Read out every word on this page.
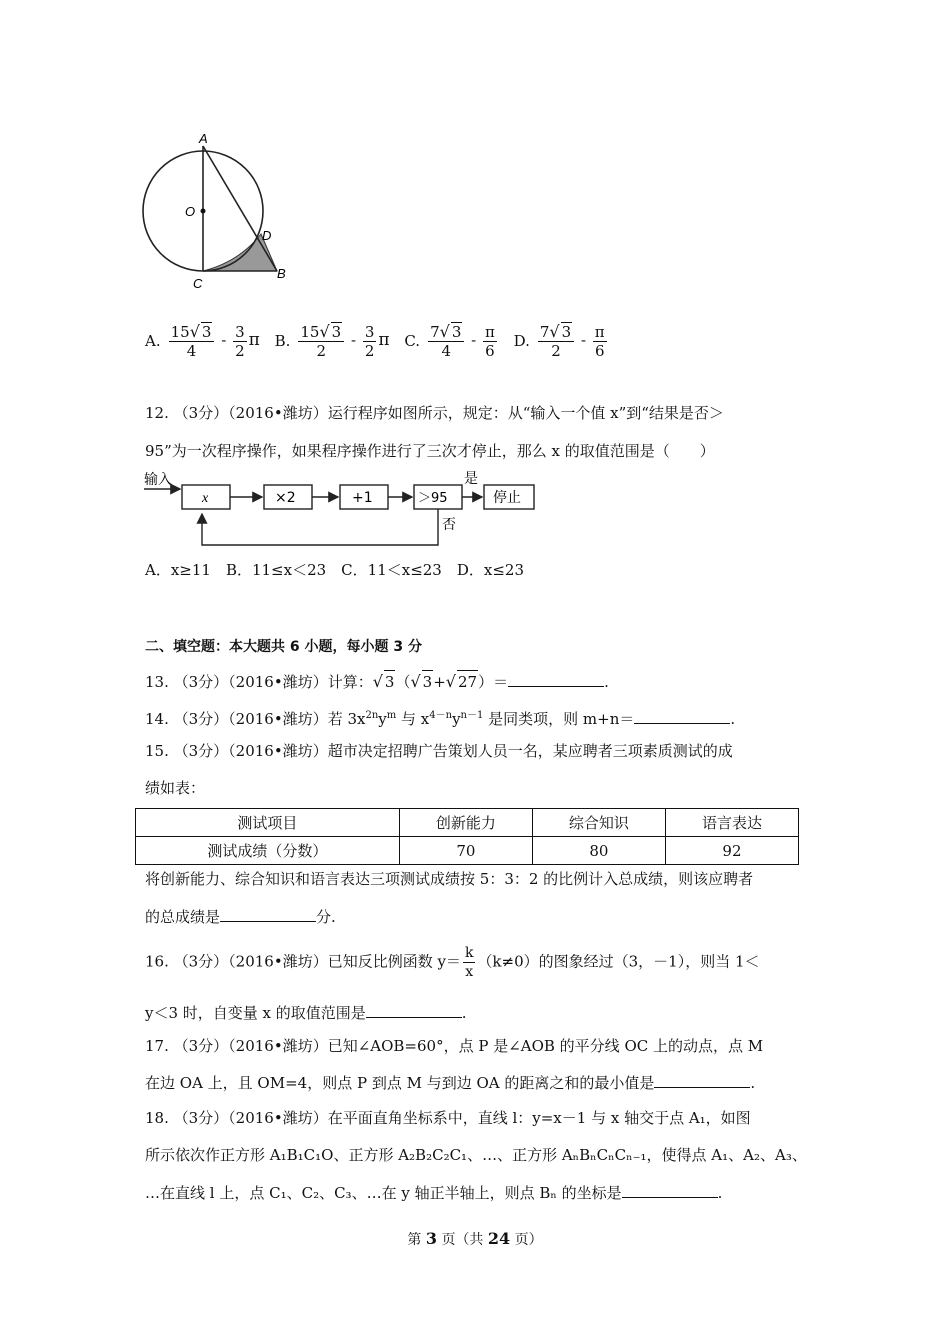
A
O
D
C
B
A. $\frac{15√ 3}{4} - \frac{3}{2}$ π B. $\frac{15√ 3}{2} - \frac{3}{2}$ π C. $\frac{7√ 3}{4} - \frac{\pi}{6} D$. $\frac{7√ 3}{2} - \frac{\pi}{6}$
12. （3分）（2016•潍坊）运行程序如图所示，规定：从“输入一个值 x”到“结果是否＞
95”为一次程序操作，如果程序操作进行了三次才停止，那么 x 的取值范围是（　　）
输入
x	×2	+1	＞95
是
停止
否
A．x≥11　B．11≤x＜23　C．11＜x≤23　D．x≤23
二、填空题：本大题共 6 小题，每小题 3 分
13. （3分）（2016•潍坊）计算：√ 3（√ 3+√ 27）＝	.
14. （3分）（2016•潍坊）若 $3x^{2n}y^m$ 与 $x^{4-n}y^{n-1}$ 是同类项，则 m+n＝	.
15. （3分）（2016•潍坊）超市决定招聘广告策划人员一名，某应聘者三项素质测试的成
绩如表：
测试项目	创新能力	综合知识	语言表达
测试成绩（分数）	70	80	92
将创新能力、综合知识和语言表达三项测试成绩按 5：3：2 的比例计入总成绩，则该应聘者
的总成绩是	分.
16. （3分）（2016•潍坊）已知反比例函数 $y= \frac{k}{x} (k\ne 0)$的图象经过（3，－1），则当 1＜
y＜3 时，自变量 x 的取值范围是	.
17. （3分）（2016•潍坊）已知∠AOB=60°，点 P 是∠AOB 的平分线 OC 上的动点，点 M
在边 OA 上，且 OM=4，则点 P 到点 M 与到边 OA 的距离之和的最小值是	.
18. （3分）（2016•潍坊）在平面直角坐标系中，直线 l：y=x－1 与 x 轴交于点 A₁，如图
所示依次作正方形 A₁B₁C₁O、正方形 A₂B₂C₂C₁、…、正方形 AₙBₙCₙCₙ₋₁，使得点 A₁、A₂、A₃、
…在直线 l 上，点 C₁、C₂、C₃、…在 y 轴正半轴上，则点 Bₙ 的坐标是	.
第 3 页（共 24 页）
